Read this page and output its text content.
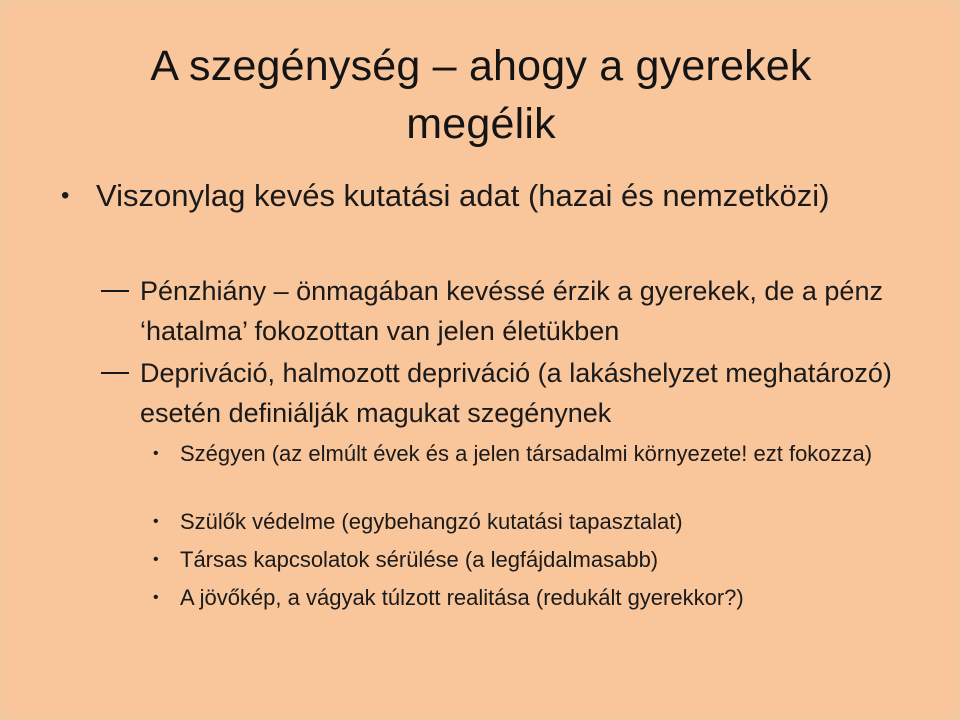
A szegénység – ahogy a gyerekek
megélik
• Viszonylag kevés kutatási adat (hazai és nemzetközi)
Pénzhiány – önmagában kevéssé érzik a gyerekek, de a pénz ‘hatalma’ fokozottan van jelen életükben
Depriváció, halmozott depriváció (a lakáshelyzet meghatározó) esetén definiálják magukat szegénynek
• Szégyen (az elmúlt évek és a jelen társadalmi környezete! ezt fokozza)
• Szülők védelme (egybehangzó kutatási tapasztalat)
• Társas kapcsolatok sérülése (a legfájdalmasabb)
• A jövőkép, a vágyak túlzott realitása (redukált gyerekkor?)
